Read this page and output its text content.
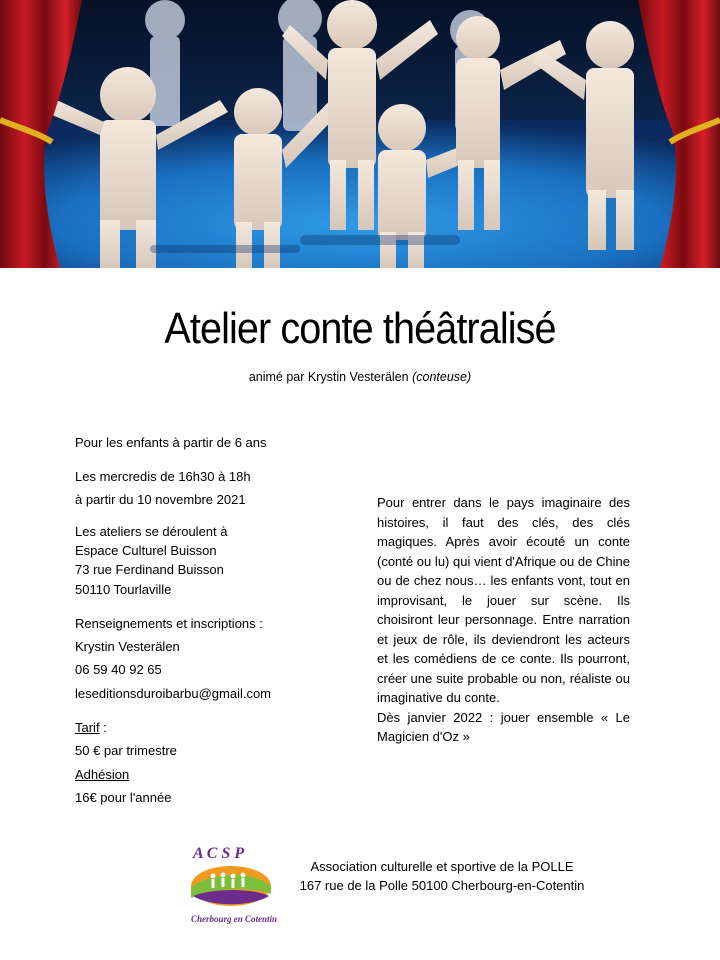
Atelier conte théâtralisé
animé par Krystin Vesterälen (conteuse)
Pour les enfants à partir de 6 ans
Les mercredis de 16h30 à 18h
à partir du 10 novembre 2021
Les ateliers se déroulent à
Espace Culturel Buisson
73 rue Ferdinand Buisson
50110 Tourlaville
Renseignements et inscriptions :
Krystin Vesterälen
06 59 40 92 65
leseditionsduroibarbu@gmail.com
Tarif :
50 € par trimestre
Adhésion
16€ pour l'année

Pour entrer dans le pays imaginaire des histoires, il faut des clés, des clés magiques. Après avoir écouté un conte (conté ou lu) qui vient d'Afrique ou de Chine ou de chez nous… les enfants vont, tout en improvisant, le jouer sur scène. Ils choisiront leur personnage. Entre narration et jeux de rôle, ils deviendront les acteurs et les comédiens de ce conte. Ils pourront, créer une suite probable ou non, réaliste ou imaginative du conte.

Dès janvier 2022 : jouer ensemble « Le Magicien d'Oz »

A C S P
Cherbourg en Cotentin
Association culturelle et sportive de la POLLE
167 rue de la Polle 50100 Cherbourg-en-Cotentin
